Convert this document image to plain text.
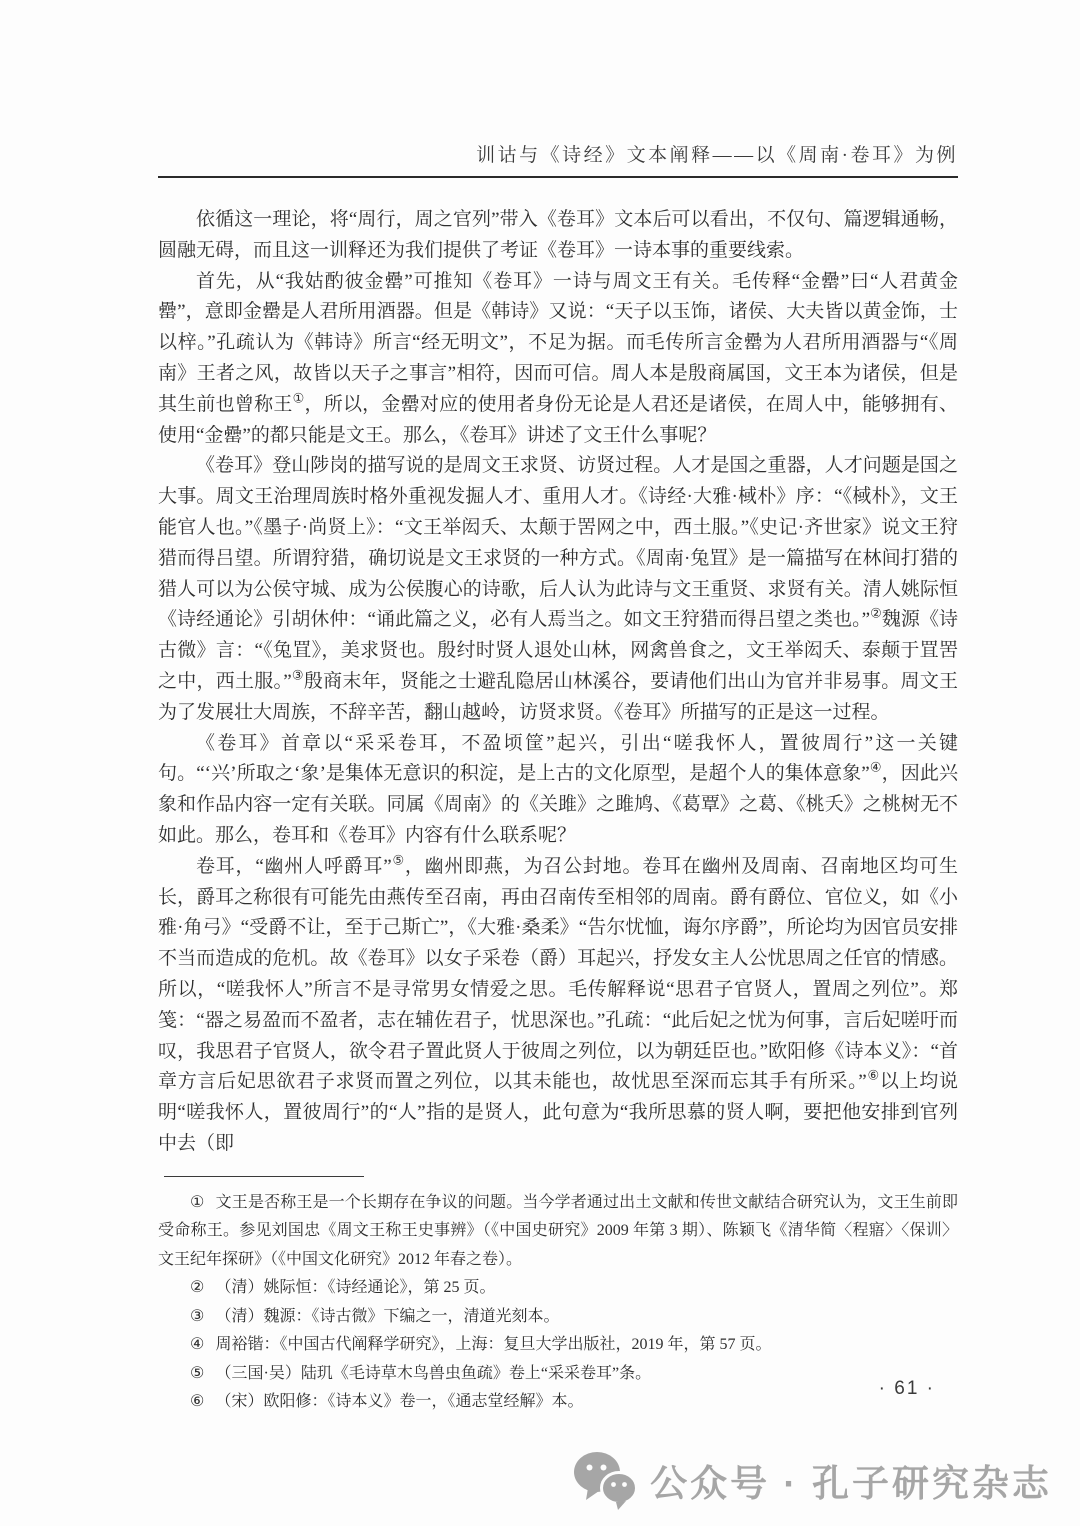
训诂与《诗经》文本阐释——以《周南·卷耳》为例

依循这一理论，将“周行，周之官列”带入《卷耳》文本后可以看出，不仅句、篇逻辑通畅，圆融无碍，而且这一训释还为我们提供了考证《卷耳》一诗本事的重要线索。

首先，从“我姑酌彼金罍”可推知《卷耳》一诗与周文王有关。毛传释“金罍”曰“人君黄金罍”，意即金罍是人君所用酒器。但是《韩诗》又说：“天子以玉饰，诸侯、大夫皆以黄金饰，士以梓。”孔疏认为《韩诗》所言“经无明文”，不足为据。而毛传所言金罍为人君所用酒器与“《周南》王者之风，故皆以天子之事言”相符，因而可信。周人本是殷商属国，文王本为诸侯，但是其生前也曾称王①，所以，金罍对应的使用者身份无论是人君还是诸侯，在周人中，能够拥有、使用“金罍”的都只能是文王。那么，《卷耳》讲述了文王什么事呢？

《卷耳》登山陟岗的描写说的是周文王求贤、访贤过程。人才是国之重器，人才问题是国之大事。周文王治理周族时格外重视发掘人才、重用人才。《诗经·大雅·棫朴》序：“《棫朴》，文王能官人也。”《墨子·尚贤上》：“文王举闳夭、太颠于罟网之中，西土服。”《史记·齐世家》说文王狩猎而得吕望。所谓狩猎，确切说是文王求贤的一种方式。《周南·兔罝》是一篇描写在林间打猎的猎人可以为公侯守城、成为公侯腹心的诗歌，后人认为此诗与文王重贤、求贤有关。清人姚际恒《诗经通论》引胡休仲：“诵此篇之义，必有人焉当之。如文王狩猎而得吕望之类也。”②魏源《诗古微》言：“《兔罝》，美求贤也。殷纣时贤人退处山林，网禽兽食之，文王举闳夭、泰颠于罝罟之中，西土服。”③殷商末年，贤能之士避乱隐居山林溪谷，要请他们出山为官并非易事。周文王为了发展壮大周族，不辞辛苦，翻山越岭，访贤求贤。《卷耳》所描写的正是这一过程。

《卷耳》首章以“采采卷耳，不盈顷筐”起兴，引出“嗟我怀人，置彼周行”这一关键句。“‘兴’所取之‘象’是集体无意识的积淀，是上古的文化原型，是超个人的集体意象”④，因此兴象和作品内容一定有关联。同属《周南》的《关雎》之雎鸠、《葛覃》之葛、《桃夭》之桃树无不如此。那么，卷耳和《卷耳》内容有什么联系呢？

卷耳，“幽州人呼爵耳”⑤，幽州即燕，为召公封地。卷耳在幽州及周南、召南地区均可生长，爵耳之称很有可能先由燕传至召南，再由召南传至相邻的周南。爵有爵位、官位义，如《小雅·角弓》“受爵不让，至于己斯亡”，《大雅·桑柔》“告尔忧恤，诲尔序爵”，所论均为因官员安排不当而造成的危机。故《卷耳》以女子采卷（爵）耳起兴，抒发女主人公忧思周之任官的情感。所以，“嗟我怀人”所言不是寻常男女情爱之思。毛传解释说“思君子官贤人，置周之列位”。郑笺：“器之易盈而不盈者，志在辅佐君子，忧思深也。”孔疏：“此后妃之忧为何事，言后妃嗟吁而叹，我思君子官贤人，欲令君子置此贤人于彼周之列位，以为朝廷臣也。”欧阳修《诗本义》：“首章方言后妃思欲君子求贤而置之列位，以其未能也，故忧思至深而忘其手有所采。”⑥以上均说明“嗟我怀人，置彼周行”的“人”指的是贤人，此句意为“我所思慕的贤人啊，要把他安排到官列中去（即

① 文王是否称王是一个长期存在争议的问题。当今学者通过出土文献和传世文献结合研究认为，文王生前即受命称王。参见刘国忠《周文王称王史事辨》（《中国史研究》2009 年第 3 期）、陈颖飞《清华简〈程寤〉〈保训〉文王纪年探研》（《中国文化研究》2012 年春之卷）。

② （清）姚际恒：《诗经通论》，第 25 页。

③ （清）魏源：《诗古微》下编之一，清道光刻本。

④ 周裕锴：《中国古代阐释学研究》，上海：复旦大学出版社，2019 年，第 57 页。

⑤ （三国·吴）陆玑《毛诗草木鸟兽虫鱼疏》卷上“采采卷耳”条。

⑥ （宋）欧阳修：《诗本义》卷一，《通志堂经解》本。

· 61 ·
公众号 · 孔子研究杂志
